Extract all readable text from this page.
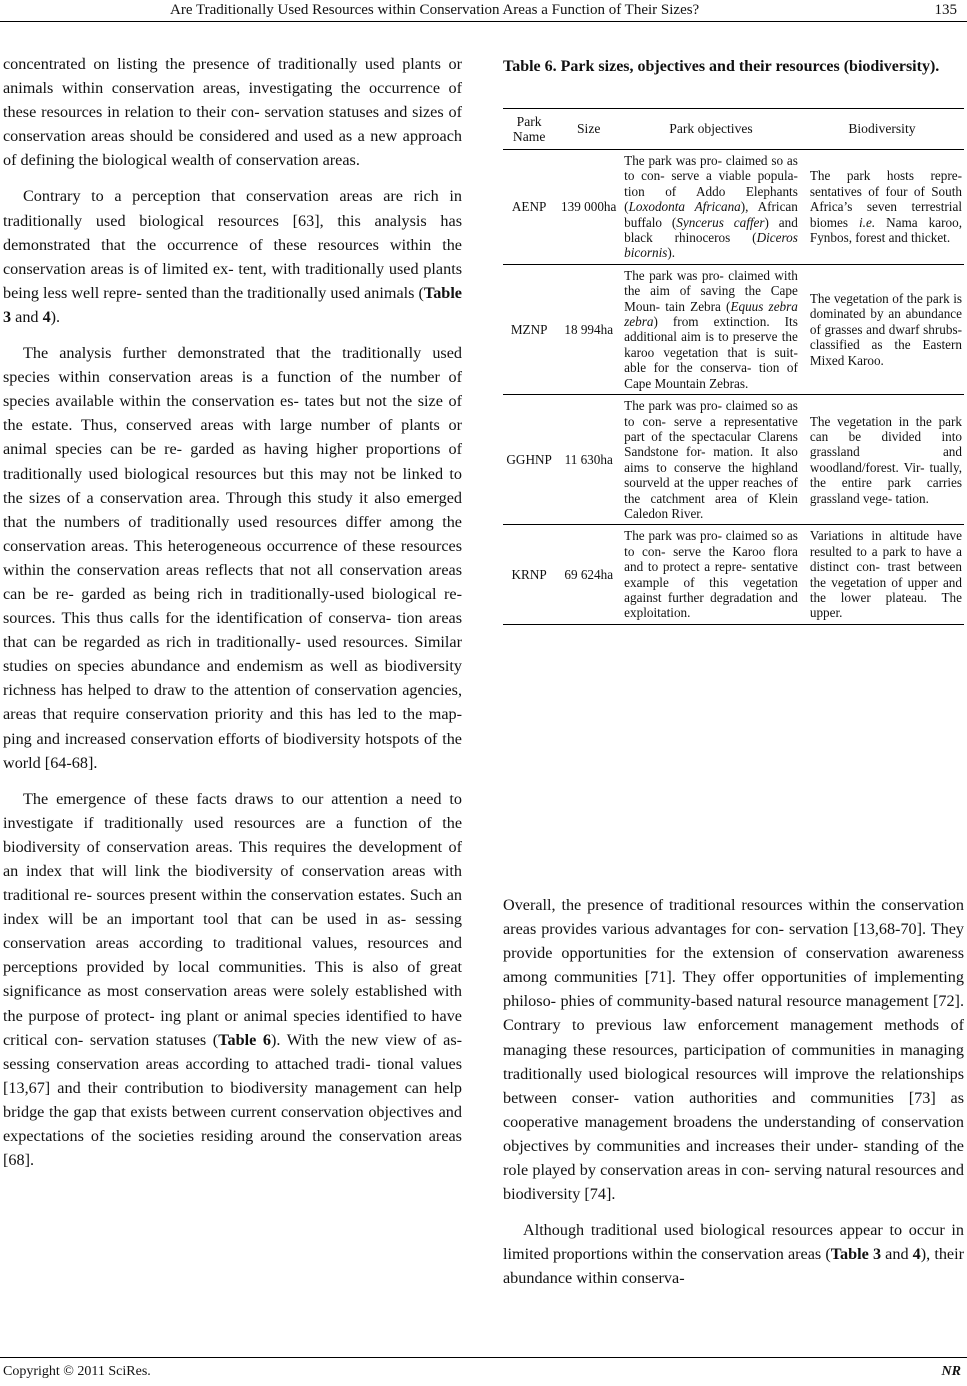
Are Traditionally Used Resources within Conservation Areas a Function of Their Sizes?	135

concentrated on listing the presence of traditionally used plants or animals within conservation areas, investigating the occurrence of these resources in relation to their con- servation statuses and sizes of conservation areas should be considered and used as a new approach of defining the biological wealth of conservation areas.

Contrary to a perception that conservation areas are rich in traditionally used biological resources [63], this analysis has demonstrated that the occurrence of these resources within the conservation areas is of limited ex- tent, with traditionally used plants being less well repre- sented than the traditionally used animals (Table 3 and 4).

The analysis further demonstrated that the traditionally used species within conservation areas is a function of the number of species available within the conservation es- tates but not the size of the estate. Thus, conserved areas with large number of plants or animal species can be re- garded as having higher proportions of traditionally used biological resources but this may not be linked to the sizes of a conservation area. Through this study it also emerged that the numbers of traditionally used resources differ among the conservation areas. This heterogeneous occurrence of these resources within the conservation areas reflects that not all conservation areas can be re- garded as being rich in traditionally-used biological re- sources. This thus calls for the identification of conserva- tion areas that can be regarded as rich in traditionally- used resources. Similar studies on species abundance and endemism as well as biodiversity richness has helped to draw to the attention of conservation agencies, areas that require conservation priority and this has led to the map- ping and increased conservation efforts of biodiversity hotspots of the world [64-68].

The emergence of these facts draws to our attention a need to investigate if traditionally used resources are a function of the biodiversity of conservation areas. This requires the development of an index that will link the biodiversity of conservation areas with traditional re- sources present within the conservation estates. Such an index will be an important tool that can be used in as- sessing conservation areas according to traditional values, resources and perceptions provided by local communities. This is also of great significance as most conservation areas were solely established with the purpose of protect- ing plant or animal species identified to have critical con- servation statuses (Table 6). With the new view of as- sessing conservation areas according to attached tradi- tional values [13,67] and their contribution to biodiversity management can help bridge the gap that exists between current conservation objectives and expectations of the societies residing around the conservation areas [68].

Table 6. Park sizes, objectives and their resources (biodiversity).
Park Name	Size	Park objectives	Biodiversity
AENP	139 000ha	The park was pro- claimed so as to con- serve a viable popula- tion of Addo Elephants (Loxodonta Africana), African buffalo (Syncerus caffer) and black rhinoceros (Diceros bicornis).	The park hosts repre- sentatives of four of South Africa’s seven terrestrial biomes i.e. Nama karoo, Fynbos, forest and thicket.
MZNP	18 994ha	The park was pro- claimed with the aim of saving the Cape Moun- tain Zebra (Equus zebra zebra) from extinction. Its additional aim is to preserve the karoo vegetation that is suit- able for the conserva- tion of Cape Mountain Zebras.	The vegetation of the park is dominated by an abundance of grasses and dwarf shrubs-classified as the Eastern Mixed Karoo.
GGHNP	11 630ha	The park was pro- claimed so as to con- serve a representative part of the spectacular Clarens Sandstone for- mation. It also aims to conserve the highland sourveld at the upper reaches of the catchment area of Klein Caledon River.	The vegetation in the park can be divided into grassland and woodland/forest. Vir- tually, the entire park carries grassland vege- tation.
KRNP	69 624ha	The park was pro- claimed so as to con- serve the Karoo flora and to protect a repre- sentative example of this vegetation against further degradation and exploitation.	Variations in altitude have resulted to a park to have a distinct con- trast between the vegetation of upper and the lower plateau. The upper.

Overall, the presence of traditional resources within the conservation areas provides various advantages for con- servation [13,68-70]. They provide opportunities for the extension of conservation awareness among communities [71]. They offer opportunities of implementing philoso- phies of community-based natural resource management [72]. Contrary to previous law enforcement management methods of managing these resources, participation of communities in managing traditionally used biological resources will improve the relationships between conser- vation authorities and communities [73] as cooperative management broadens the understanding of conservation objectives by communities and increases their under- standing of the role played by conservation areas in con- serving natural resources and biodiversity [74].

Although traditional used biological resources appear to occur in limited proportions within the conservation areas (Table 3 and 4), their abundance within conserva-

Copyright © 2011 SciRes.	NR
